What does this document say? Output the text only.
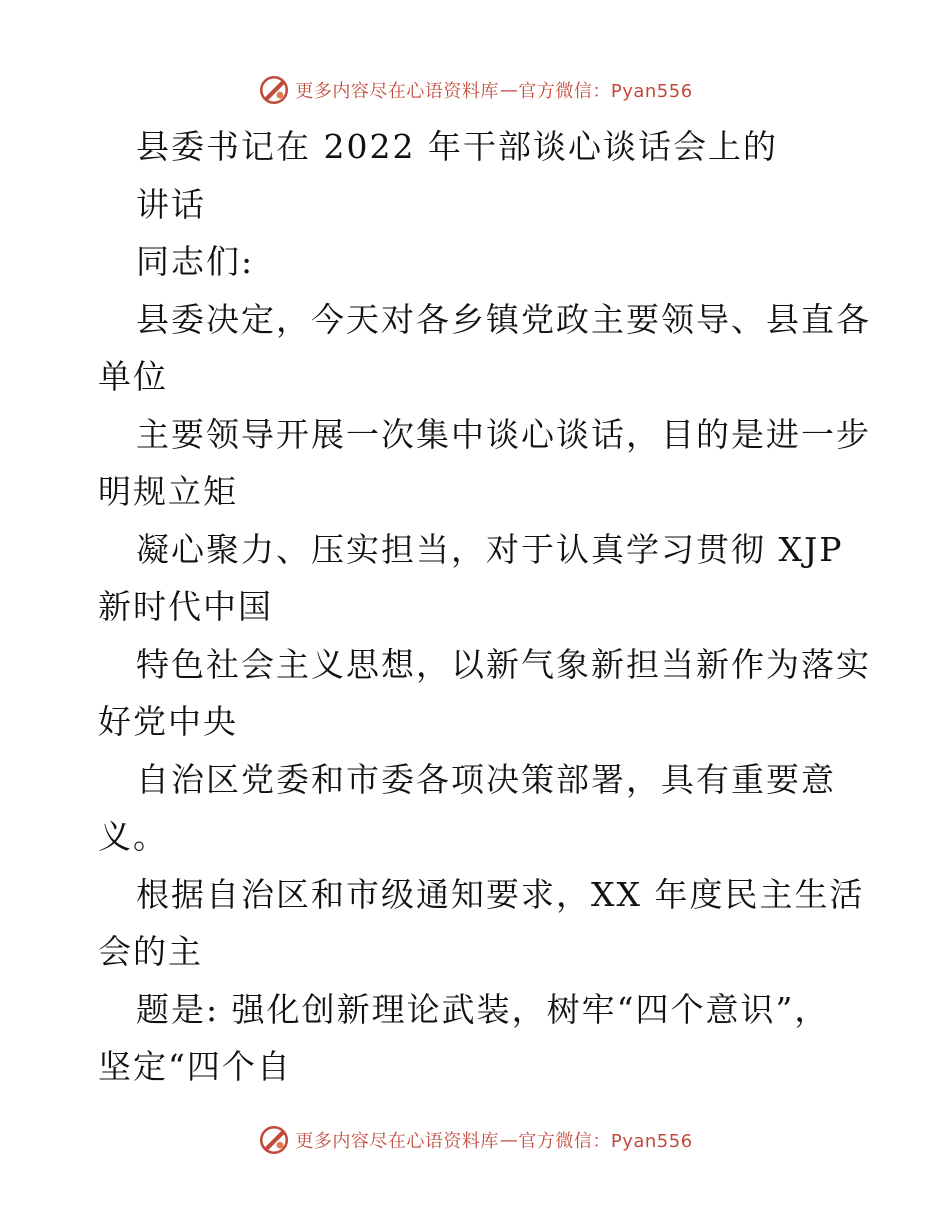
更多内容尽在心语资料库 — 官方微信：Pyan556
县委书记在 2022 年干部谈心谈话会上的
讲话
同志们:
县委决定，今天对各乡镇党政主要领导、县直各
单位
主要领导开展一次集中谈心谈话，目的是进一步
明规立矩
凝心聚力、压实担当，对于认真学习贯彻 XJP
新时代中国
特色社会主义思想，以新气象新担当新作为落实
好党中央
自治区党委和市委各项决策部署，具有重要意
义。
根据自治区和市级通知要求，XX 年度民主生活
会的主
题是: 强化创新理论武装，树牢“四个意识”，
坚定“四个自
更多内容尽在心语资料库 — 官方微信：Pyan556
